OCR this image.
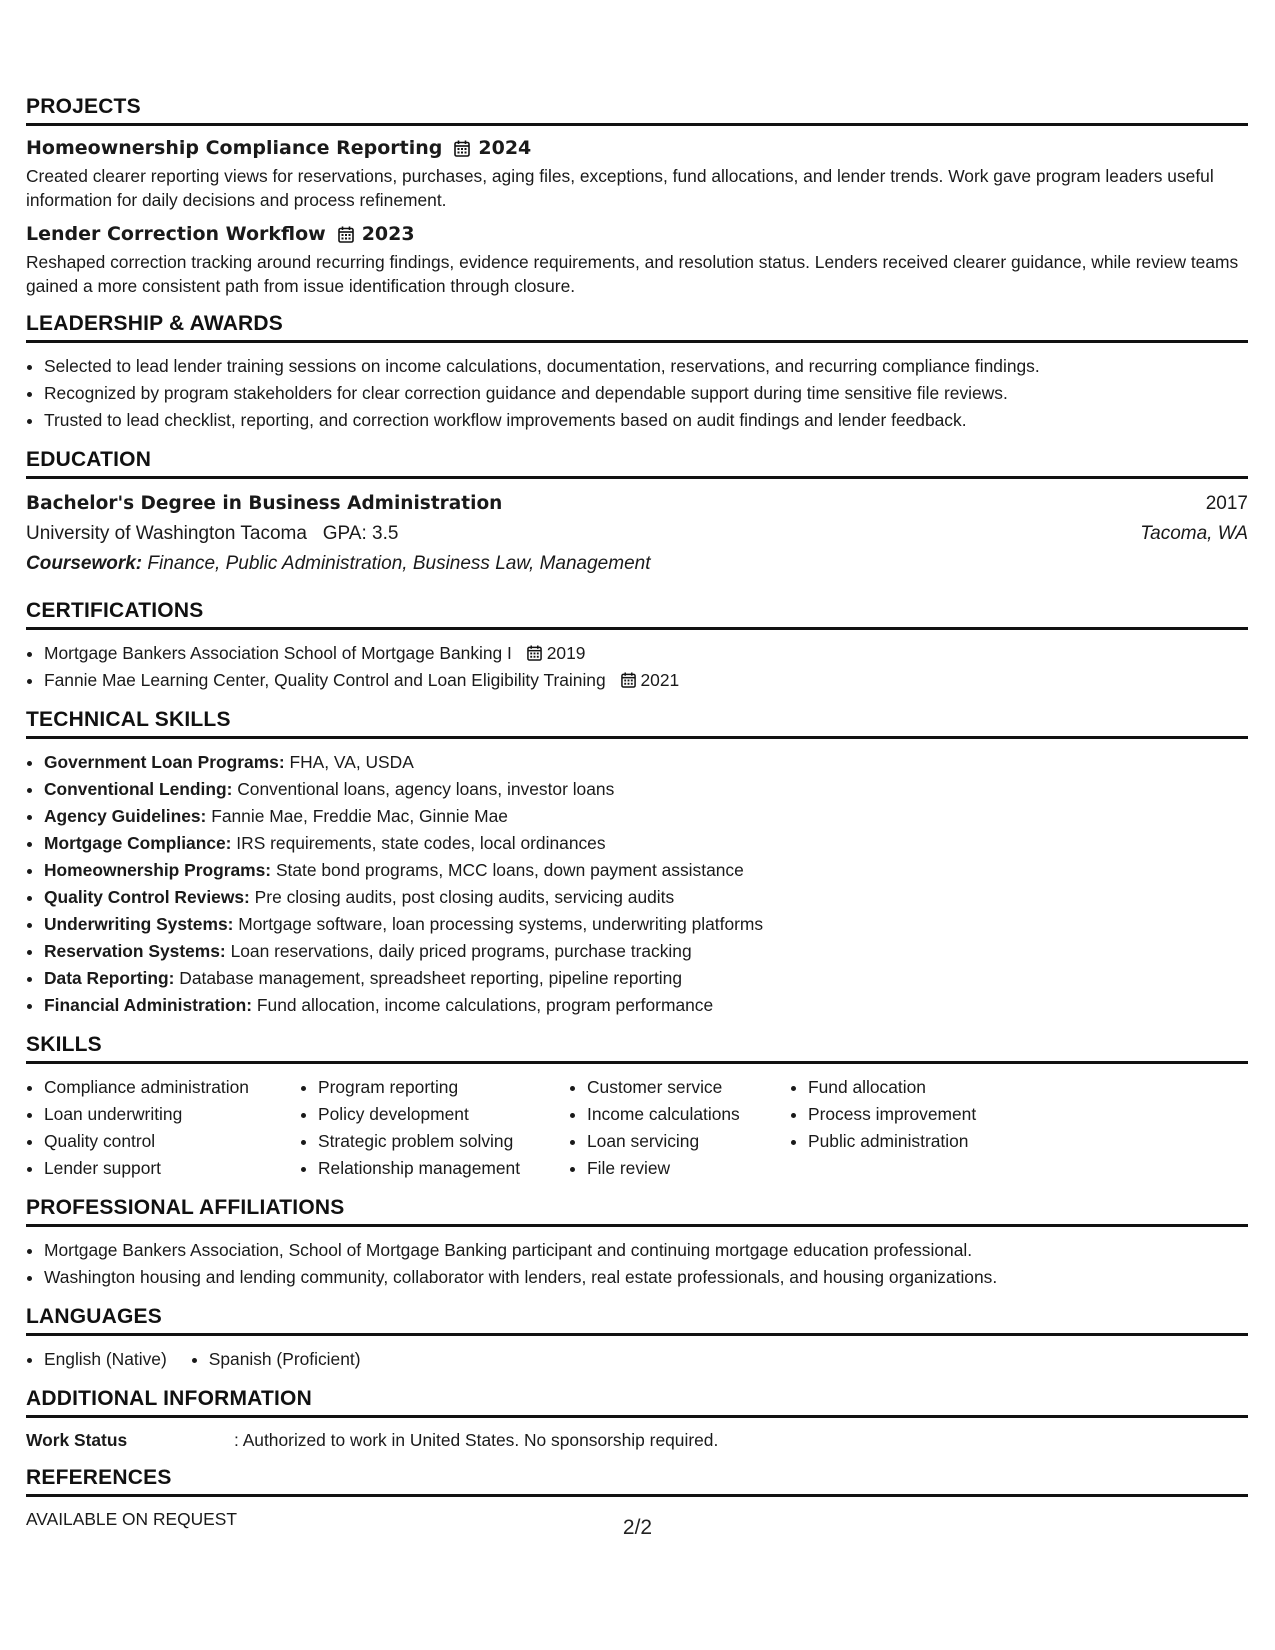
PROJECTS
Homeownership Compliance Reporting 2024
Created clearer reporting views for reservations, purchases, aging files, exceptions, fund allocations, and lender trends. Work gave program leaders useful information for daily decisions and process refinement.
Lender Correction Workflow 2023
Reshaped correction tracking around recurring findings, evidence requirements, and resolution status. Lenders received clearer guidance, while review teams gained a more consistent path from issue identification through closure.
LEADERSHIP & AWARDS
• Selected to lead lender training sessions on income calculations, documentation, reservations, and recurring compliance findings.
• Recognized by program stakeholders for clear correction guidance and dependable support during time sensitive file reviews.
• Trusted to lead checklist, reporting, and correction workflow improvements based on audit findings and lender feedback.
EDUCATION
Bachelor's Degree in Business Administration	2017
University of Washington Tacoma GPA: 3.5	Tacoma, WA
Coursework: Finance, Public Administration, Business Law, Management
CERTIFICATIONS
• Mortgage Bankers Association School of Mortgage Banking I 2019
• Fannie Mae Learning Center, Quality Control and Loan Eligibility Training 2021
TECHNICAL SKILLS
• Government Loan Programs: FHA, VA, USDA
• Conventional Lending: Conventional loans, agency loans, investor loans
• Agency Guidelines: Fannie Mae, Freddie Mac, Ginnie Mae
• Mortgage Compliance: IRS requirements, state codes, local ordinances
• Homeownership Programs: State bond programs, MCC loans, down payment assistance
• Quality Control Reviews: Pre closing audits, post closing audits, servicing audits
• Underwriting Systems: Mortgage software, loan processing systems, underwriting platforms
• Reservation Systems: Loan reservations, daily priced programs, purchase tracking
• Data Reporting: Database management, spreadsheet reporting, pipeline reporting
• Financial Administration: Fund allocation, income calculations, program performance
SKILLS
• Compliance administration
• Loan underwriting
• Quality control
• Lender support
• Program reporting
• Policy development
• Strategic problem solving
• Relationship management
• Customer service
• Income calculations
• Loan servicing
• File review
• Fund allocation
• Process improvement
• Public administration
PROFESSIONAL AFFILIATIONS
• Mortgage Bankers Association, School of Mortgage Banking participant and continuing mortgage education professional.
• Washington housing and lending community, collaborator with lenders, real estate professionals, and housing organizations.
LANGUAGES
• English (Native)
• Spanish (Proficient)
ADDITIONAL INFORMATION
Work Status	: Authorized to work in United States. No sponsorship required.
REFERENCES
AVAILABLE ON REQUEST	2/2
